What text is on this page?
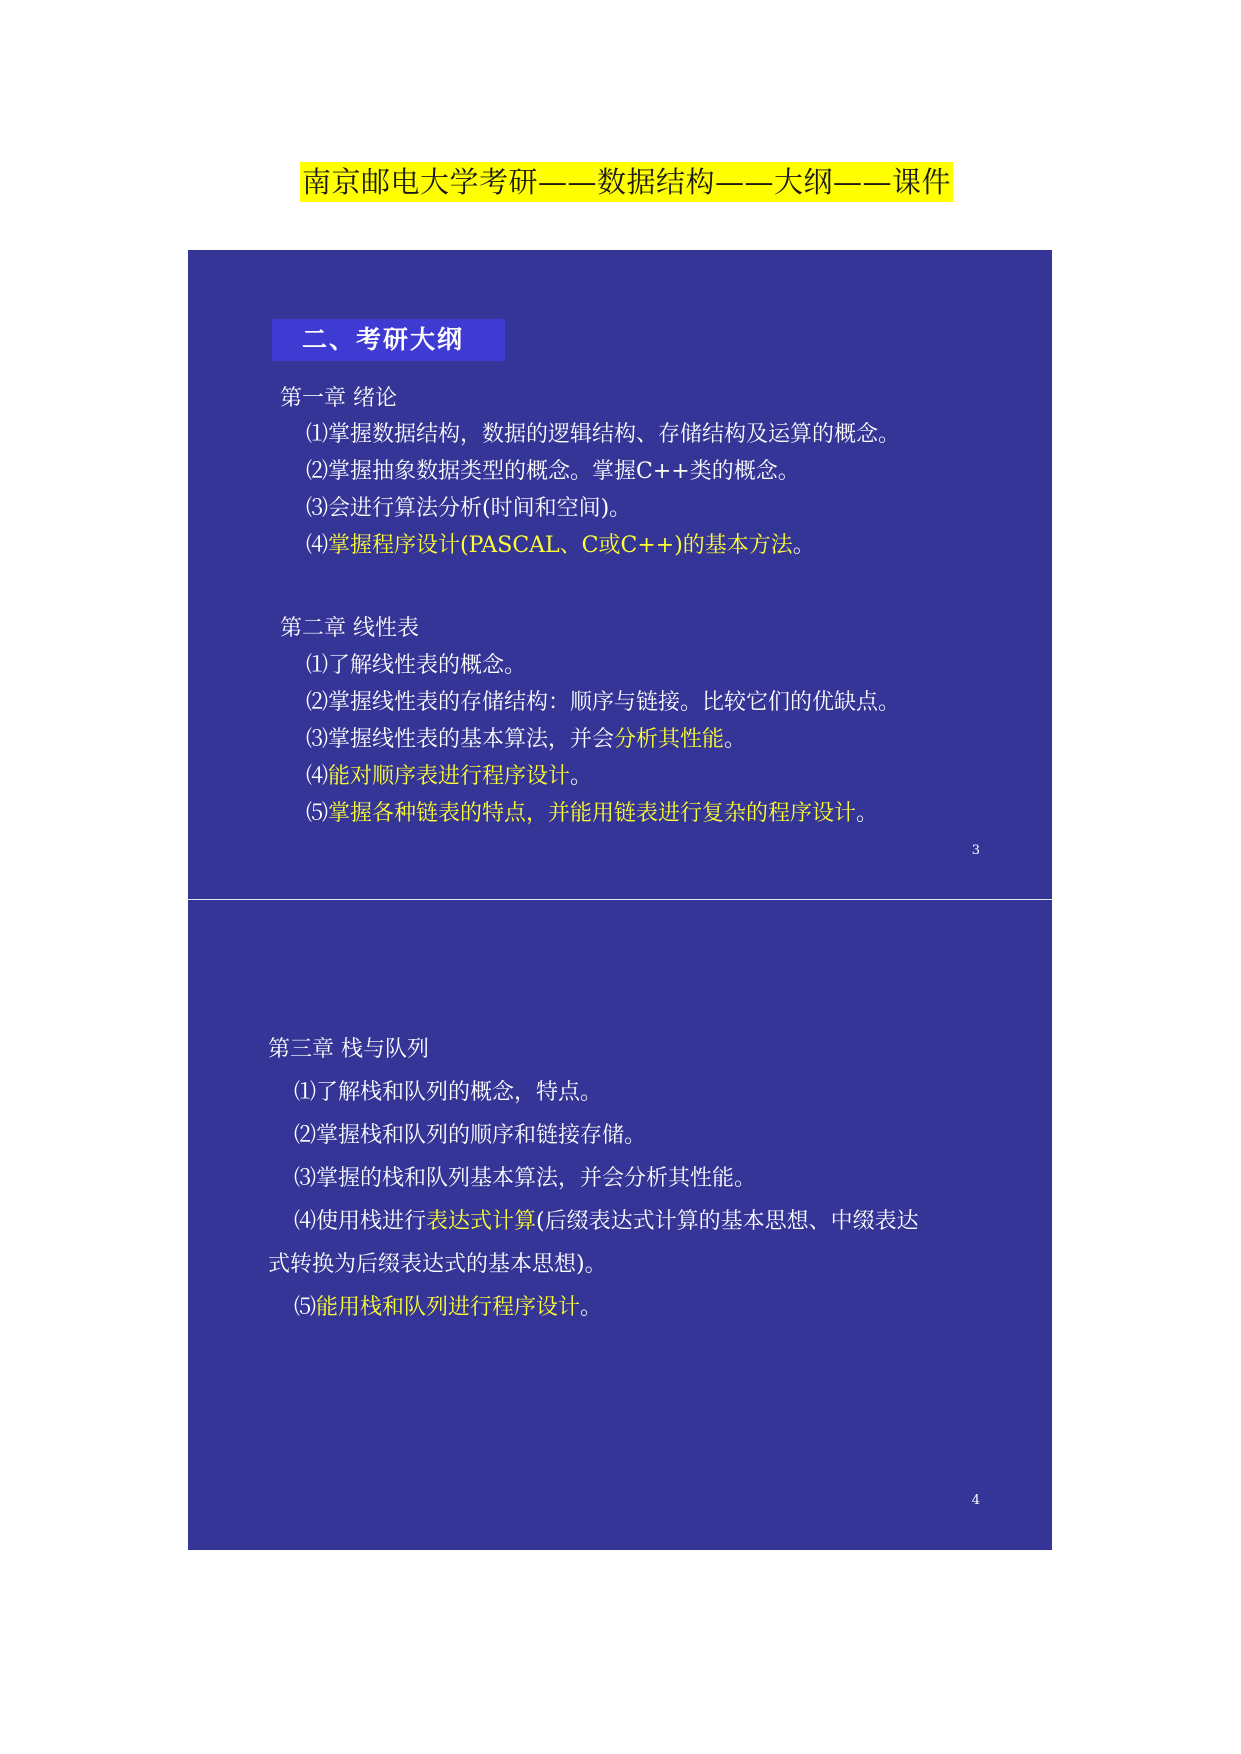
南京邮电大学考研——数据结构——大纲——课件
二、考研大纲
第一章 绪论
⑴掌握数据结构，数据的逻辑结构、存储结构及运算的概念。
⑵掌握抽象数据类型的概念。掌握C++类的概念。
⑶会进行算法分析(时间和空间)。
⑷掌握程序设计(PASCAL、C或C++)的基本方法。
第二章 线性表
⑴了解线性表的概念。
⑵掌握线性表的存储结构：顺序与链接。比较它们的优缺点。
⑶掌握线性表的基本算法，并会分析其性能。
⑷能对顺序表进行程序设计。
⑸掌握各种链表的特点，并能用链表进行复杂的程序设计。
3
第三章 栈与队列
⑴了解栈和队列的概念，特点。
⑵掌握栈和队列的顺序和链接存储。
⑶掌握的栈和队列基本算法，并会分析其性能。
⑷使用栈进行表达式计算(后缀表达式计算的基本思想、中缀表达
式转换为后缀表达式的基本思想)。
⑸能用栈和队列进行程序设计。
4
